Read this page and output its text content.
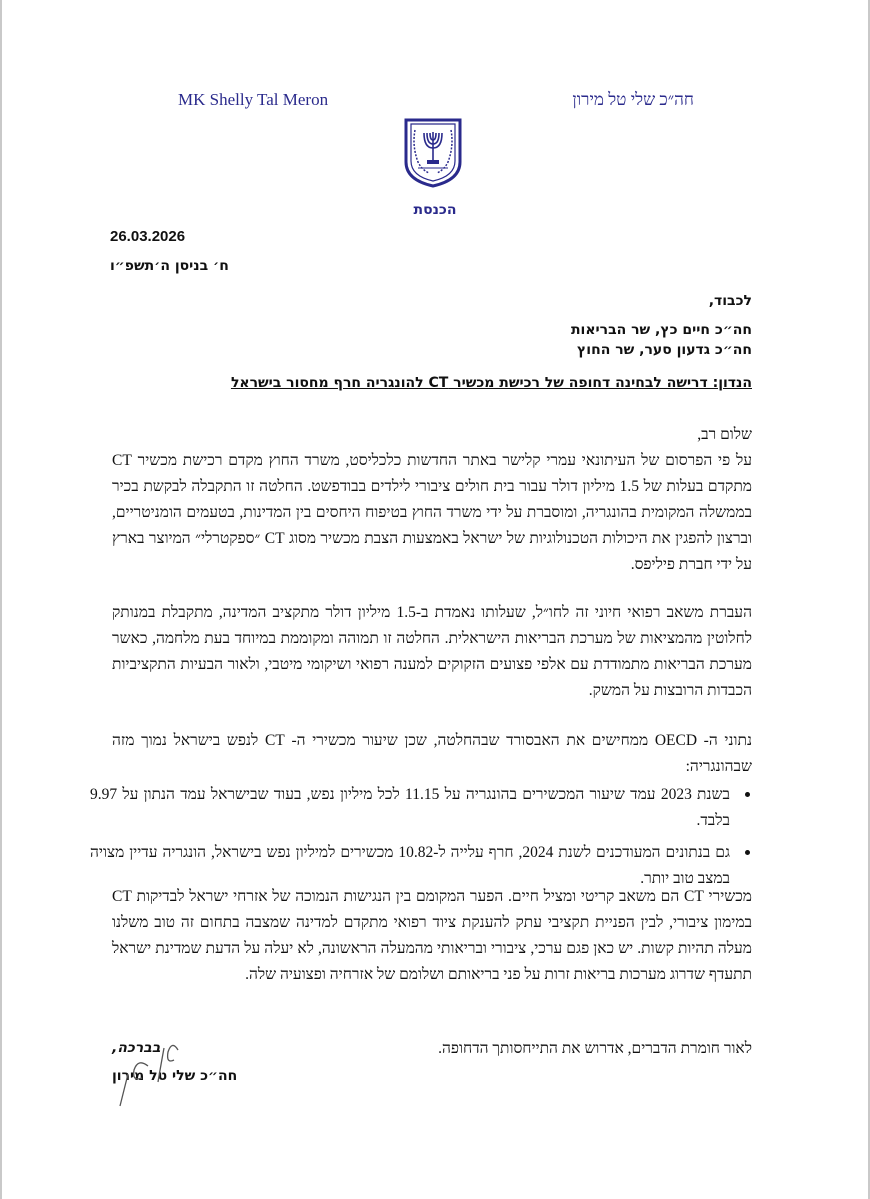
MK Shelly Tal Meron	חה״כ שלי טל מירון
הכנסת
26.03.2026
ח׳ בניסן ה׳תשפ״ו
לכבוד,
חה״כ חיים כץ, שר הבריאות
חה״כ גדעון סער, שר החוץ
הנדון: דרישה לבחינה דחופה של רכישת מכשיר CT להונגריה חרף מחסור בישראל
שלום רב,
על פי הפרסום של העיתונאי עמרי קלישר באתר החדשות כלכליסט, משרד החוץ מקדם רכישת מכשיר CT מתקדם בעלות של 1.5 מיליון דולר עבור בית חולים ציבורי לילדים בבודפשט. החלטה זו התקבלה לבקשת בכיר בממשלה המקומית בהונגריה, ומוסברת על ידי משרד החוץ בטיפוח היחסים בין המדינות, בטעמים הומניטריים, וברצון להפגין את היכולות הטכנולוגיות של ישראל באמצעות הצבת מכשיר מסוג CT ״ספקטרלי״ המיוצר בארץ על ידי חברת פיליפס.
העברת משאב רפואי חיוני זה לחו״ל, שעלותו נאמדת ב-1.5 מיליון דולר מתקציב המדינה, מתקבלת במנותק לחלוטין מהמציאות של מערכת הבריאות הישראלית. החלטה זו תמוהה ומקוממת במיוחד בעת מלחמה, כאשר מערכת הבריאות מתמודדת עם אלפי פצועים הזקוקים למענה רפואי ושיקומי מיטבי, ולאור הבעיות התקציביות הכבדות הרובצות על המשק.
נתוני ה- OECD ממחישים את האבסורד שבהחלטה, שכן שיעור מכשירי ה- CT לנפש בישראל נמוך מזה שבהונגריה:
בשנת 2023 עמד שיעור המכשירים בהונגריה על 11.15 לכל מיליון נפש, בעוד שבישראל עמד הנתון על 9.97 בלבד.
גם בנתונים המעודכנים לשנת 2024, חרף עלייה ל-10.82 מכשירים למיליון נפש בישראל, הונגריה עדיין מצויה במצב טוב יותר.
מכשירי CT הם משאב קריטי ומציל חיים. הפער המקומם בין הנגישות הנמוכה של אזרחי ישראל לבדיקות CT במימון ציבורי, לבין הפניית תקציבי עתק להענקת ציוד רפואי מתקדם למדינה שמצבה בתחום זה טוב משלנו מעלה תהיות קשות. יש כאן פגם ערכי, ציבורי ובריאותי מהמעלה הראשונה, לא יעלה על הדעת שמדינת ישראל תתעדף שדרוג מערכות בריאות זרות על פני בריאותם ושלומם של אזרחיה ופצועיה שלה.
לאור חומרת הדברים, אדרוש את התייחסותך הדחופה.
בברכה,
חה״כ שלי טל מירון
